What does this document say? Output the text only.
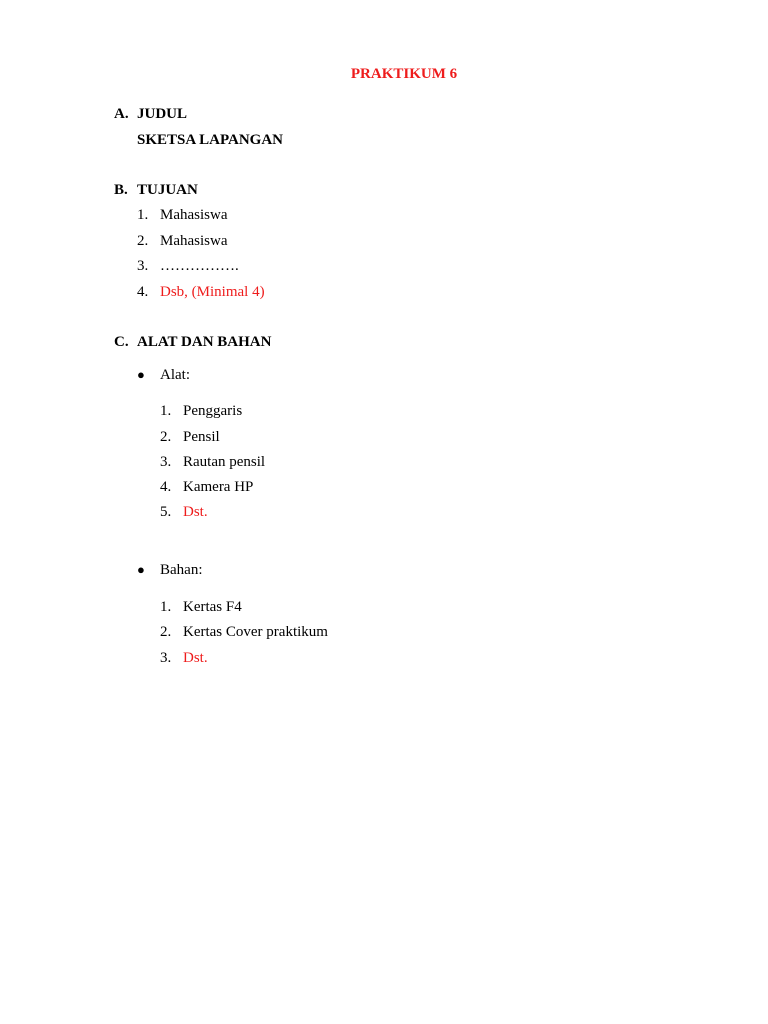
PRAKTIKUM 6
A. JUDUL
SKETSA LAPANGAN
B. TUJUAN
1. Mahasiswa
2. Mahasiswa
3. …………….
4. Dsb, (Minimal 4)
C. ALAT DAN BAHAN
● Alat:
1. Penggaris
2. Pensil
3. Rautan pensil
4. Kamera HP
5. Dst.
● Bahan:
1. Kertas F4
2. Kertas Cover praktikum
3. Dst.
